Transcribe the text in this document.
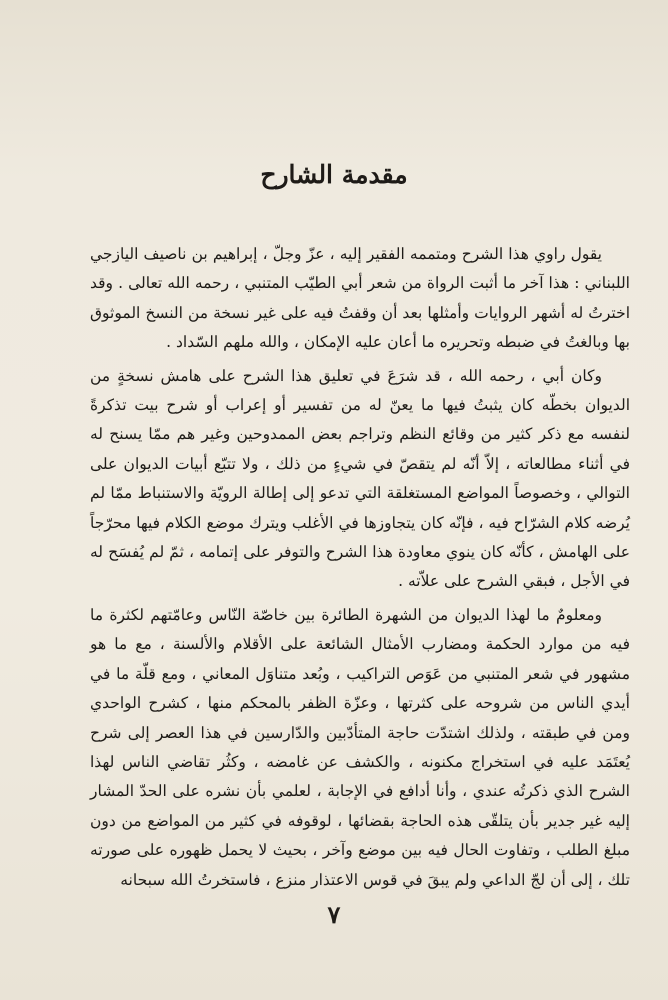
مقدمة الشارح

يقول راوي هذا الشرح ومتممه الفقير إليه ، عزّ وجلّ ، إبراهيم بن ناصيف اليازجي اللبناني : هذا آخر ما أثبت الرواة من شعر أبي الطيّب المتنبي ، رحمه الله تعالى . وقد اخترتُ له أشهر الروايات وأمثلها بعد أن وقفتُ فيه على غير نسخة من النسخ الموثوق بها وبالغتُ في ضبطه وتحريره ما أعان عليه الإمكان ، والله ملهم السّداد .

وكان أبي ، رحمه الله ، قد شرَعَ في تعليق هذا الشرح على هامش نسخةٍ من الديوان بخطّه كان يثبتُ فيها ما يعنّ له من تفسير أو إعراب أو شرح بيت تذكرةً لنفسه مع ذكر كثير من وقائع النظم وتراجم بعض الممدوحين وغير هم ممّا يسنح له في أثناء مطالعاته ، إلاّ أنّه لم يتقصّ في شيءٍ من ذلك ، ولا تتبّع أبيات الديوان على التوالي ، وخصوصاً المواضع المستغلقة التي تدعو إلى إطالة الرويّة والاستنباط ممّا لم يُرضه كلام الشرّاح فيه ، فإنّه كان يتجاوزها في الأغلب ويترك موضع الكلام فيها محرّجاً على الهامش ، كأنّه كان ينوي معاودة هذا الشرح والتوفر على إتمامه ، ثمّ لم يُفسَح له في الأجل ، فبقي الشرح على علاّته .

ومعلومٌ ما لهذا الديوان من الشهرة الطائرة بين خاصّة النّاس وعامّتهم لكثرة ما فيه من موارد الحكمة ومضارب الأمثال الشائعة على الأقلام والألسنة ، مع ما هو مشهور في شعر المتنبي من عَوَص التراكيب ، وبُعد متناوَل المعاني ، ومع قلّة ما في أيدي الناس من شروحه على كثرتها ، وعزّة الظفر بالمحكم منها ، كشرح الواحدي ومن في طبقته ، ولذلك اشتدّت حاجة المتأدّبين والدّارسين في هذا العصر إلى شرح يُعتَمَد عليه في استخراج مكنونه ، والكشف عن غامضه ، وكثُر تقاضي الناس لهذا الشرح الذي ذكرتُه عندي ، وأنا أدافع في الإجابة ، لعلمي بأن نشره على الحدّ المشار إليه غير جدير بأن يتلقّى هذه الحاجة بقضائها ، لوقوفه في كثير من المواضع من دون مبلغ الطلب ، وتفاوت الحال فيه بين موضع وآخر ، بحيث لا يحمل ظهوره على صورته تلك ، إلى أن لجّ الداعي ولم يبقَ في قوس الاعتذار منزع ، فاستخرتُ الله سبحانه

٧
